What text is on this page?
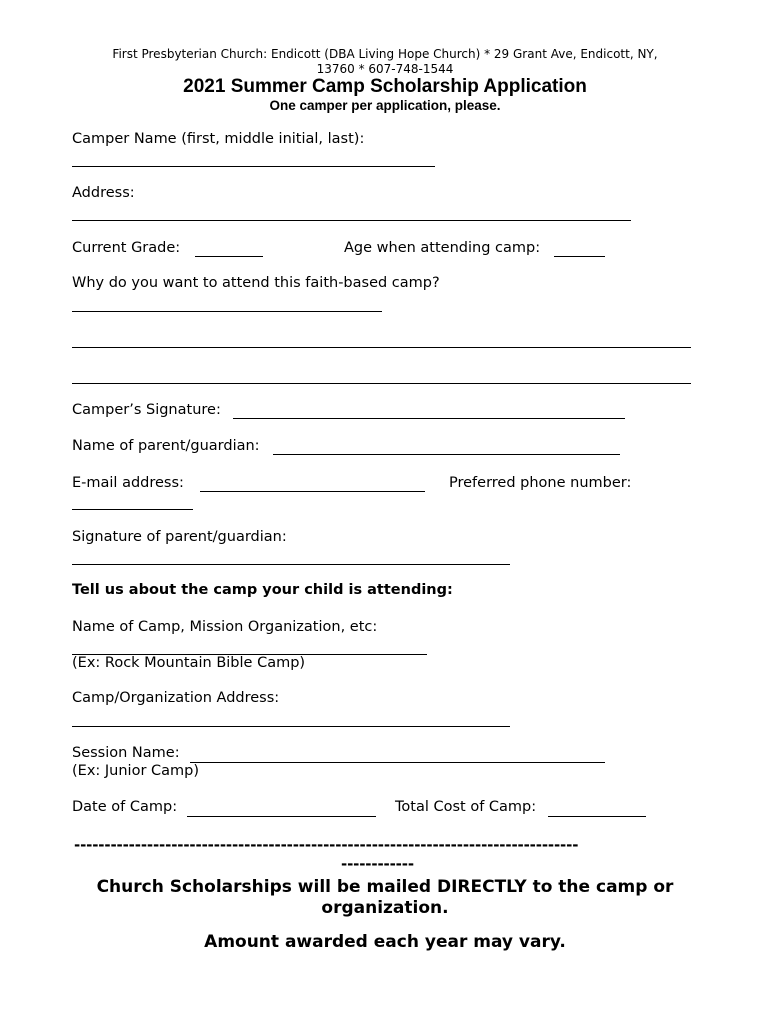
First Presbyterian Church: Endicott (DBA Living Hope Church) * 29 Grant Ave, Endicott, NY,
13760 * 607-748-1544
2021 Summer Camp Scholarship Application
One camper per application, please.
Camper Name (first, middle initial, last):
Address:
Current Grade:	Age when attending camp:
Why do you want to attend this faith-based camp?
Camper’s Signature:
Name of parent/guardian:
E-mail address:	Preferred phone number:
Signature of parent/guardian:
Tell us about the camp your child is attending:
Name of Camp, Mission Organization, etc:
(Ex: Rock Mountain Bible Camp)
Camp/Organization Address:
Session Name:
(Ex: Junior Camp)
Date of Camp:	Total Cost of Camp:
-----------------------------------------------------------------------------------
------------
Church Scholarships will be mailed DIRECTLY to the camp or
organization.
Amount awarded each year may vary.
